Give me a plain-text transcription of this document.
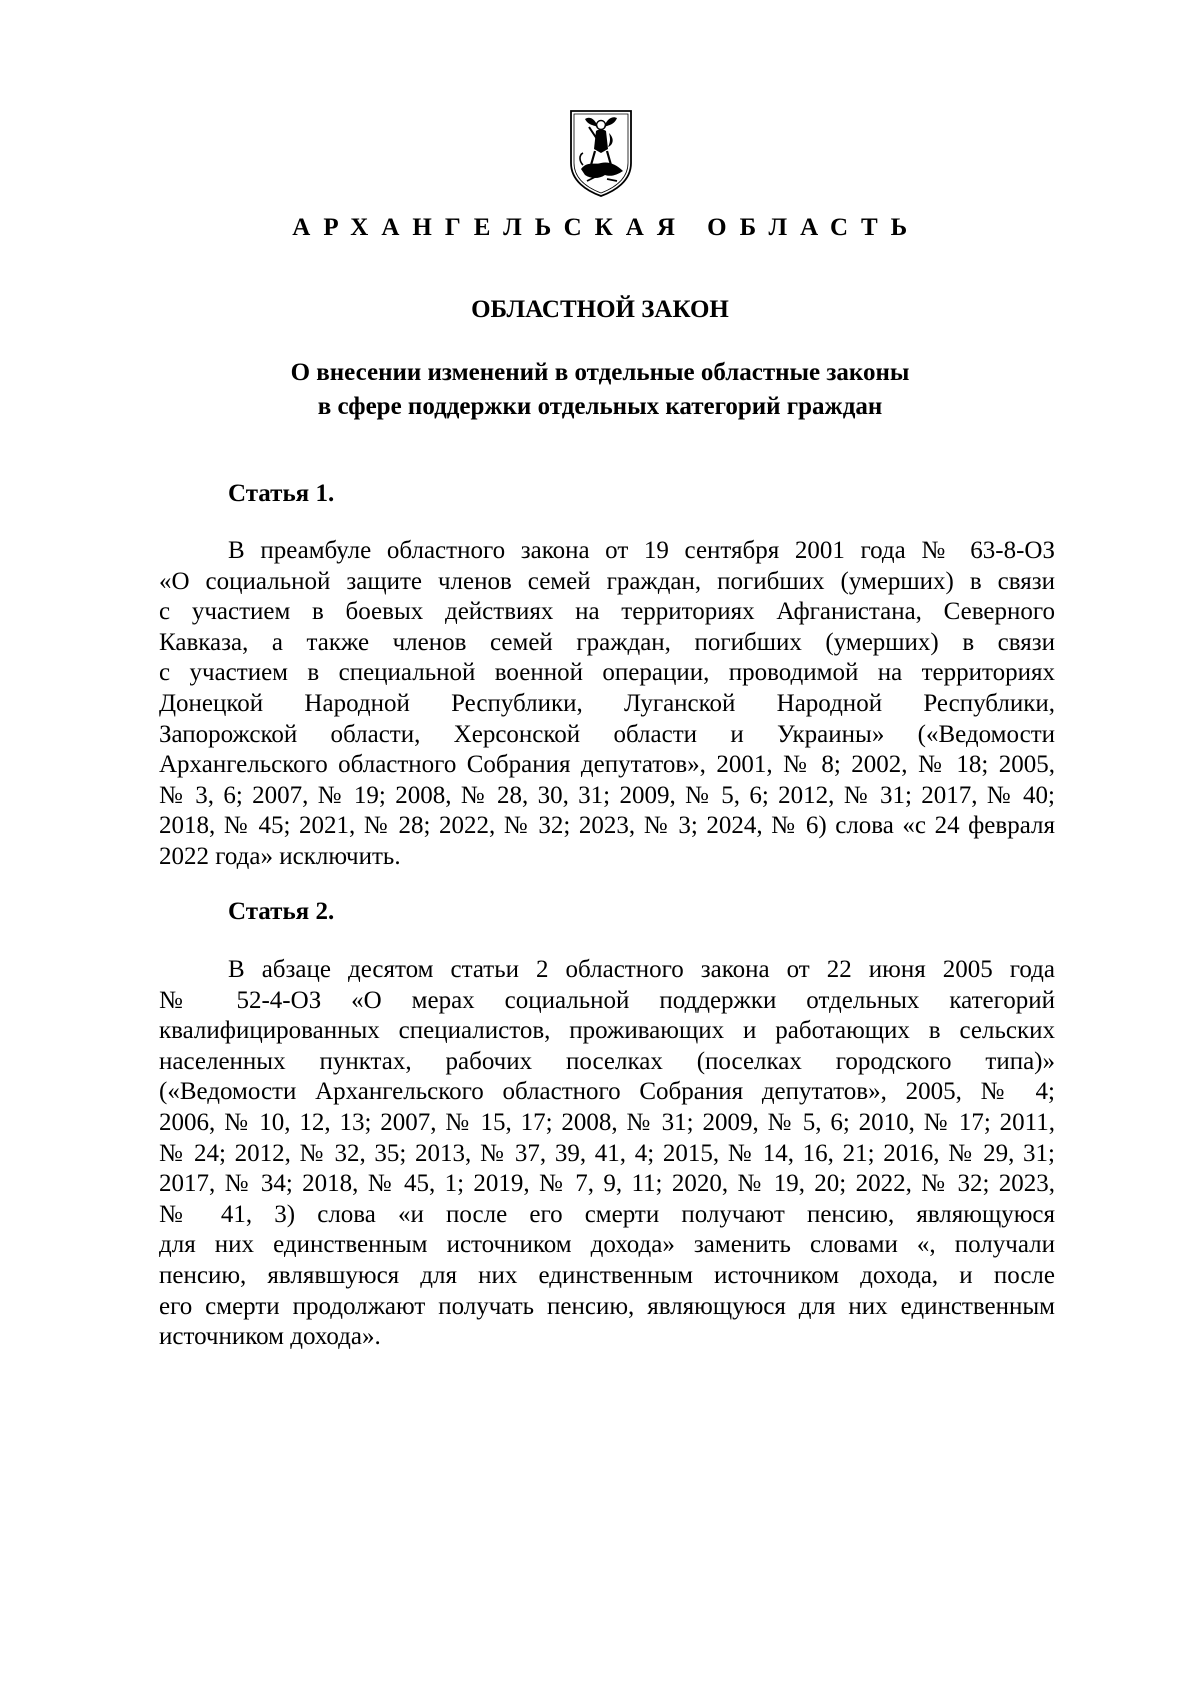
АРХАНГЕЛЬСКАЯ ОБЛАСТЬ
ОБЛАСТНОЙ ЗАКОН
О внесении изменений в отдельные областные законы
в сфере поддержки отдельных категорий граждан
Статья 1.
В преамбуле областного закона от 19 сентября 2001 года № 63-8-ОЗ
«О социальной защите членов семей граждан, погибших (умерших) в связи
с участием в боевых действиях на территориях Афганистана, Северного
Кавказа, а также членов семей граждан, погибших (умерших) в связи
с участием в специальной военной операции, проводимой на территориях
Донецкой Народной Республики, Луганской Народной Республики,
Запорожской области, Херсонской области и Украины» («Ведомости
Архангельского областного Собрания депутатов», 2001, № 8; 2002, № 18; 2005,
№ 3, 6; 2007, № 19; 2008, № 28, 30, 31; 2009, № 5, 6; 2012, № 31; 2017, № 40;
2018, № 45; 2021, № 28; 2022, № 32; 2023, № 3; 2024, № 6) слова «с 24 февраля
2022 года» исключить.
Статья 2.
В абзаце десятом статьи 2 областного закона от 22 июня 2005 года
№ 52-4-ОЗ «О мерах социальной поддержки отдельных категорий
квалифицированных специалистов, проживающих и работающих в сельских
населенных пунктах, рабочих поселках (поселках городского типа)»
(«Ведомости Архангельского областного Собрания депутатов», 2005, № 4;
2006, № 10, 12, 13; 2007, № 15, 17; 2008, № 31; 2009, № 5, 6; 2010, № 17; 2011,
№ 24; 2012, № 32, 35; 2013, № 37, 39, 41, 4; 2015, № 14, 16, 21; 2016, № 29, 31;
2017, № 34; 2018, № 45, 1; 2019, № 7, 9, 11; 2020, № 19, 20; 2022, № 32; 2023,
№ 41, 3) слова «и после его смерти получают пенсию, являющуюся
для них единственным источником дохода» заменить словами «, получали
пенсию, являвшуюся для них единственным источником дохода, и после
его смерти продолжают получать пенсию, являющуюся для них единственным
источником дохода».
